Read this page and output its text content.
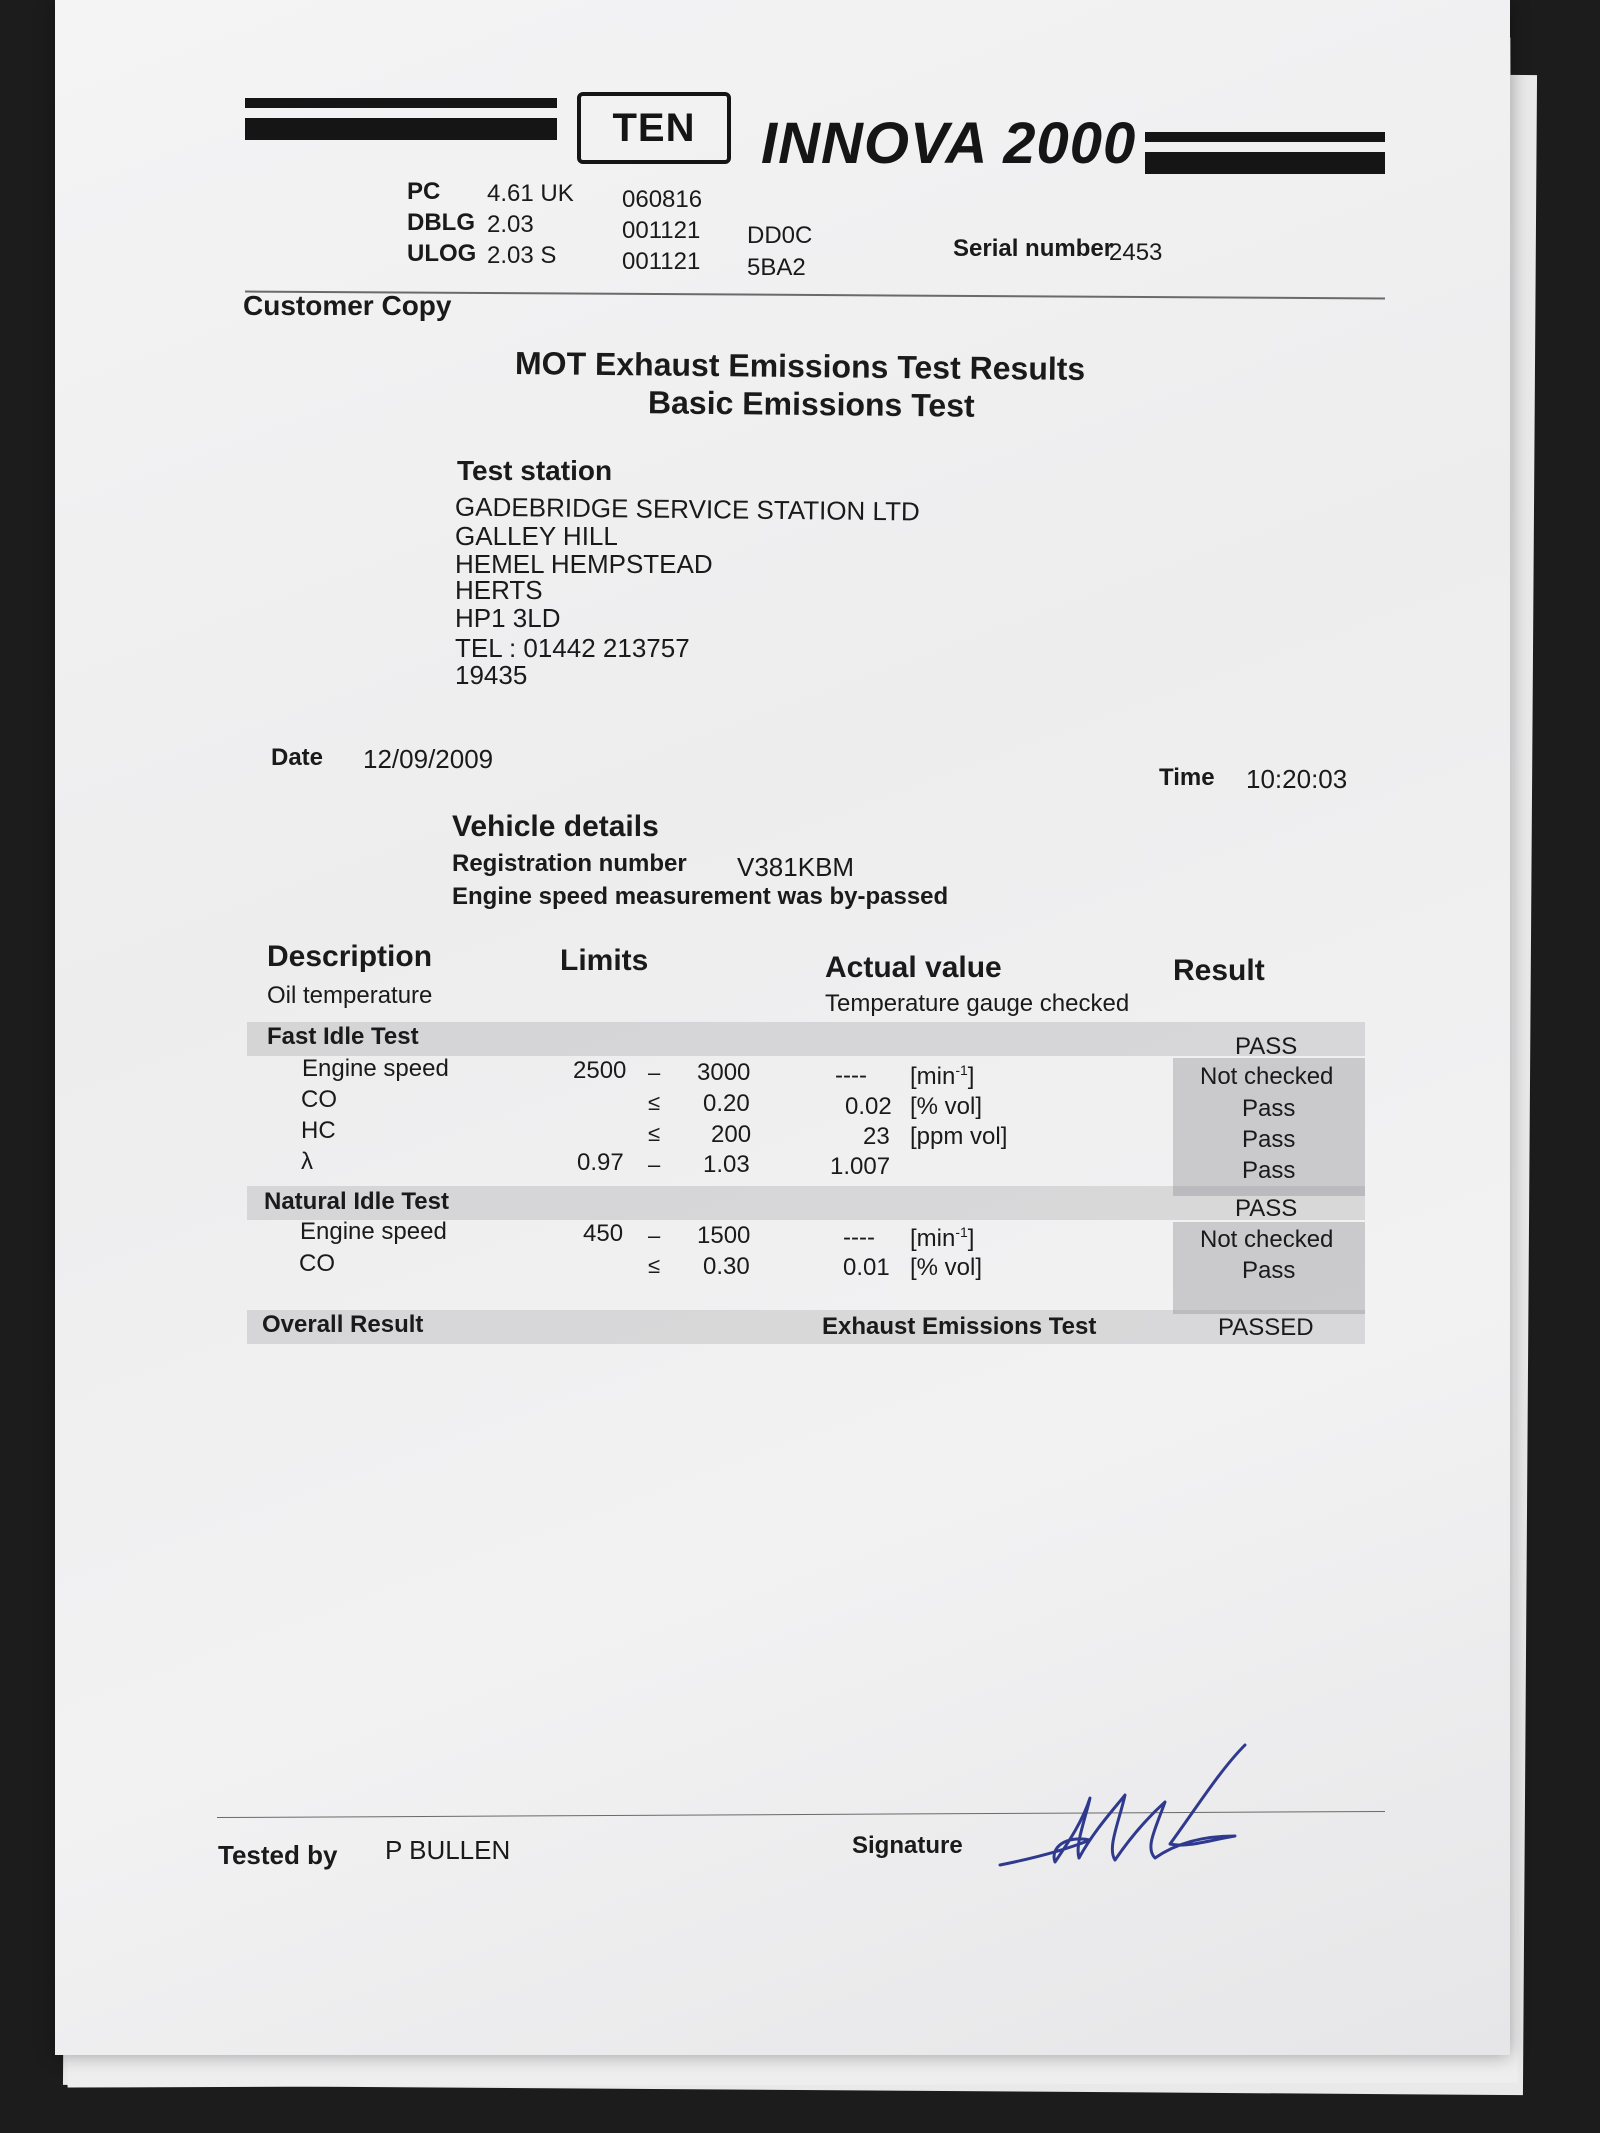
TEN	INNOVA 2000
PC 4.61 UK 060816
DBLG 2.03	001121 DD0C
ULOG 2.03 S	001121 5BA2
Serial number
2453
Customer Copy
MOT Exhaust Emissions Test Results
Basic Emissions Test
Test station
GADEBRIDGE SERVICE STATION LTD
GALLEY HILL
HEMEL HEMPSTEAD
HERTS
HP1 3LD
TEL : 01442 213757
19435
Date 12/09/2009
Time 10:20:03
Vehicle details
Registration number V381KBM
Engine speed measurement was by-passed
Description	Limits	Actual value	Result
Oil temperature	Temperature gauge checked
Fast Idle Test	PASS
Engine speed	2500 – 3000	---- $[\min^{-1}]$	Not checked
CO	≤ 0.20	0.02 [% vol]	Pass
HC	≤ 200	23 [ppm vol]	Pass
λ	0.97 – 1.03	1.007	Pass
Natural Idle Test	PASS
Engine speed	450 – 1500	---- $[\min^{-1}]$	Not checked
CO	≤ 0.30	0.01 [% vol]	Pass
Overall Result	Exhaust Emissions Test	PASSED
Tested by P BULLEN	Signature
